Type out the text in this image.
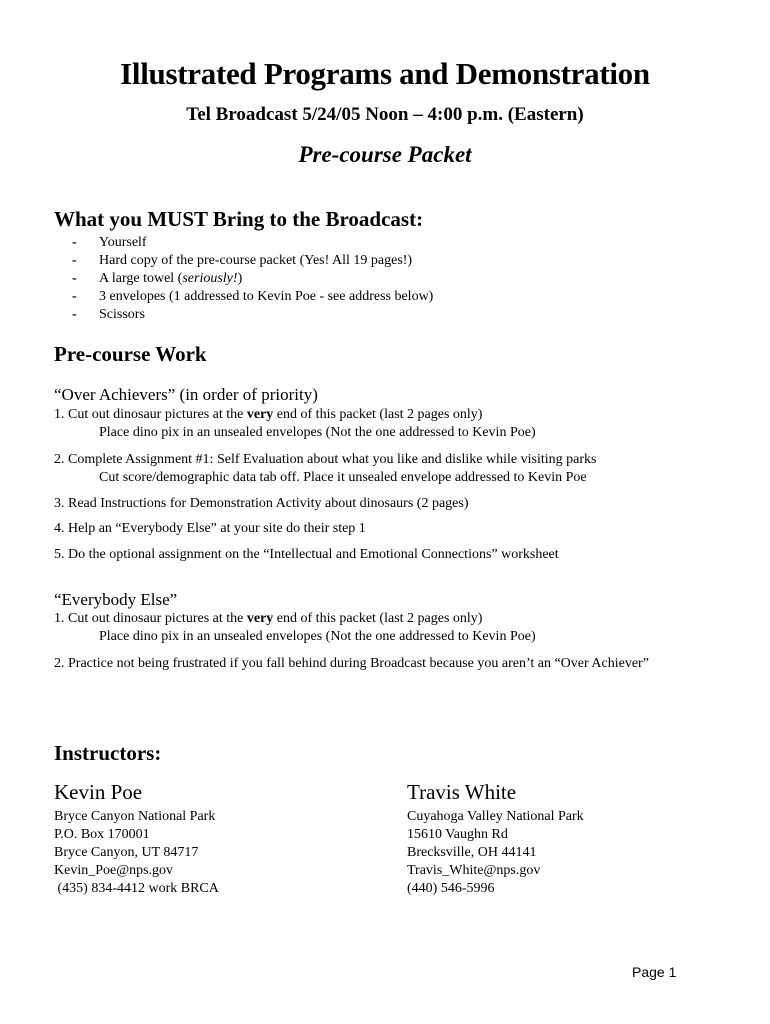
Illustrated Programs and Demonstration
Tel Broadcast 5/24/05 Noon – 4:00 p.m. (Eastern)
Pre-course Packet
What you MUST Bring to the Broadcast:
- Yourself
- Hard copy of the pre-course packet (Yes! All 19 pages!)
- A large towel (seriously!)
- 3 envelopes (1 addressed to Kevin Poe - see address below)
- Scissors
Pre-course Work
“Over Achievers” (in order of priority)
1. Cut out dinosaur pictures at the very end of this packet (last 2 pages only)
Place dino pix in an unsealed envelopes (Not the one addressed to Kevin Poe)
2. Complete Assignment #1: Self Evaluation about what you like and dislike while visiting parks
Cut score/demographic data tab off. Place it unsealed envelope addressed to Kevin Poe
3. Read Instructions for Demonstration Activity about dinosaurs (2 pages)
4. Help an “Everybody Else” at your site do their step 1
5. Do the optional assignment on the “Intellectual and Emotional Connections” worksheet
“Everybody Else”
1. Cut out dinosaur pictures at the very end of this packet (last 2 pages only)
Place dino pix in an unsealed envelopes (Not the one addressed to Kevin Poe)
2. Practice not being frustrated if you fall behind during Broadcast because you aren’t an “Over Achiever”
Instructors:
Kevin Poe
Bryce Canyon National Park
P.O. Box 170001
Bryce Canyon, UT 84717
Kevin_Poe@nps.gov
(435) 834-4412 work BRCA
Travis White
Cuyahoga Valley National Park
15610 Vaughn Rd
Brecksville, OH 44141
Travis_White@nps.gov
(440) 546-5996
Page 1
